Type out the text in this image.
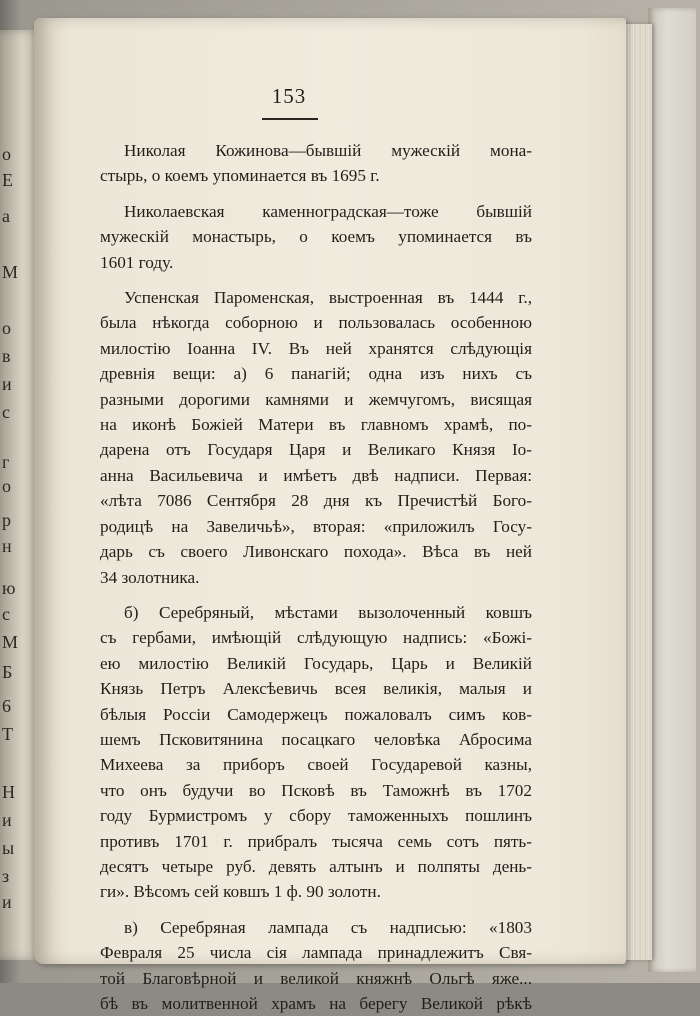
о
Е
а
М
о
в
и
с
г
о
р
н
ю
с
М
Б
6
Т
Н
и
ы
з
и
153

Николая Кожинова—бывшій мужескій мона-
стырь, о коемъ упоминается въ 1695 г.

Николаевская каменноградская—тоже бывшій
мужескій монастырь, о коемъ упоминается въ
1601 году.

Успенская Пароменская, выстроенная въ 1444 г.,
была нѣкогда соборною и пользовалась особенною
милостію Іоанна IV. Въ ней хранятся слѣдующія
древнія вещи: а) 6 панагій; одна изъ нихъ съ
разными дорогими камнями и жемчугомъ, висящая
на иконѣ Божіей Матери въ главномъ храмѣ, по-
дарена отъ Государя Царя и Великаго Князя Іо-
анна Васильевича и имѣетъ двѣ надписи. Первая:
«лѣта 7086 Сентября 28 дня къ Пречистѣй Бого-
родицѣ на Завеличьѣ», вторая: «приложилъ Госу-
дарь съ своего Ливонскаго похода». Вѣса въ ней
34 золотника.

б) Серебряный, мѣстами вызолоченный ковшъ
съ гербами, имѣющій слѣдующую надпись: «Божі-
ею милостію Великій Государь, Царь и Великій
Князь Петръ Алексѣевичь всея великія, малыя и
бѣлыя Россіи Самодержецъ пожаловалъ симъ ков-
шемъ Псковитянина посацкаго человѣка Абросима
Михеева за приборъ своей Государевой казны,
что онъ будучи во Псковѣ въ Таможнѣ въ 1702
году Бурмистромъ у сбору таможенныхъ пошлинъ
противъ 1701 г. прибралъ тысяча семь сотъ пять-
десятъ четыре руб. девять алтынъ и полпяты день-
ги». Вѣсомъ сей ковшъ 1 ф. 90 золотн.

в) Серебряная лампада съ надписью: «1803
Февраля 25 числа сія лампада принадлежитъ Свя-
той Благовѣрной и великой княжнѣ Ольгѣ яже...
бѣ въ молитвенной храмъ на берегу Великой рѣкѣ
